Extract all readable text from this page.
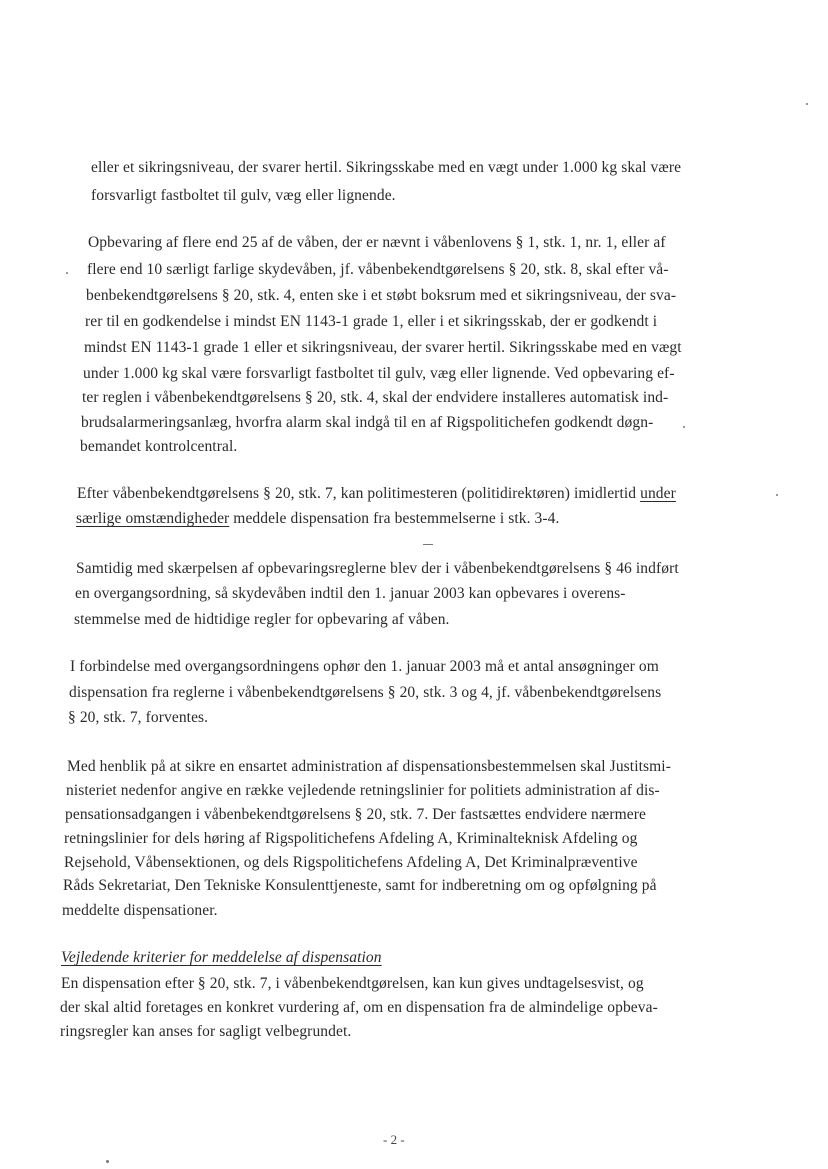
eller et sikringsniveau, der svarer hertil. Sikringsskabe med en vægt under 1.000 kg skal være
forsvarligt fastboltet til gulv, væg eller lignende.
Opbevaring af flere end 25 af de våben, der er nævnt i våbenlovens § 1, stk. 1, nr. 1, eller af
flere end 10 særligt farlige skydevåben, jf. våbenbekendtgørelsens § 20, stk. 8, skal efter vå-
benbekendtgørelsens § 20, stk. 4, enten ske i et støbt boksrum med et sikringsniveau, der sva-
rer til en godkendelse i mindst EN 1143-1 grade 1, eller i et sikringsskab, der er godkendt i
mindst EN 1143-1 grade 1 eller et sikringsniveau, der svarer hertil. Sikringsskabe med en vægt
under 1.000 kg skal være forsvarligt fastboltet til gulv, væg eller lignende. Ved opbevaring ef-
ter reglen i våbenbekendtgørelsens § 20, stk. 4, skal der endvidere installeres automatisk ind-
brudsalarmeringsanlæg, hvorfra alarm skal indgå til en af Rigspolitichefen godkendt døgn-
bemandet kontrolcentral.
Efter våbenbekendtgørelsens § 20, stk. 7, kan politimesteren (politidirektøren) imidlertid under
særlige omstændigheder meddele dispensation fra bestemmelserne i stk. 3-4.
Samtidig med skærpelsen af opbevaringsreglerne blev der i våbenbekendtgørelsens § 46 indført
en overgangsordning, så skydevåben indtil den 1. januar 2003 kan opbevares i overens-
stemmelse med de hidtidige regler for opbevaring af våben.
I forbindelse med overgangsordningens ophør den 1. januar 2003 må et antal ansøgninger om
dispensation fra reglerne i våbenbekendtgørelsens § 20, stk. 3 og 4, jf. våbenbekendtgørelsens
§ 20, stk. 7, forventes.
Med henblik på at sikre en ensartet administration af dispensationsbestemmelsen skal Justitsmi-
nisteriet nedenfor angive en række vejledende retningslinier for politiets administration af dis-
pensationsadgangen i våbenbekendtgørelsens § 20, stk. 7. Der fastsættes endvidere nærmere
retningslinier for dels høring af Rigspolitichefens Afdeling A, Kriminalteknisk Afdeling og
Rejsehold, Våbensektionen, og dels Rigspolitichefens Afdeling A, Det Kriminalpræventive
Råds Sekretariat, Den Tekniske Konsulenttjeneste, samt for indberetning om og opfølgning på
meddelte dispensationer.
Vejledende kriterier for meddelelse af dispensation
En dispensation efter § 20, stk. 7, i våbenbekendtgørelsen, kan kun gives undtagelsesvist, og
der skal altid foretages en konkret vurdering af, om en dispensation fra de almindelige opbeva-
ringsregler kan anses for sagligt velbegrundet.
- 2 -
